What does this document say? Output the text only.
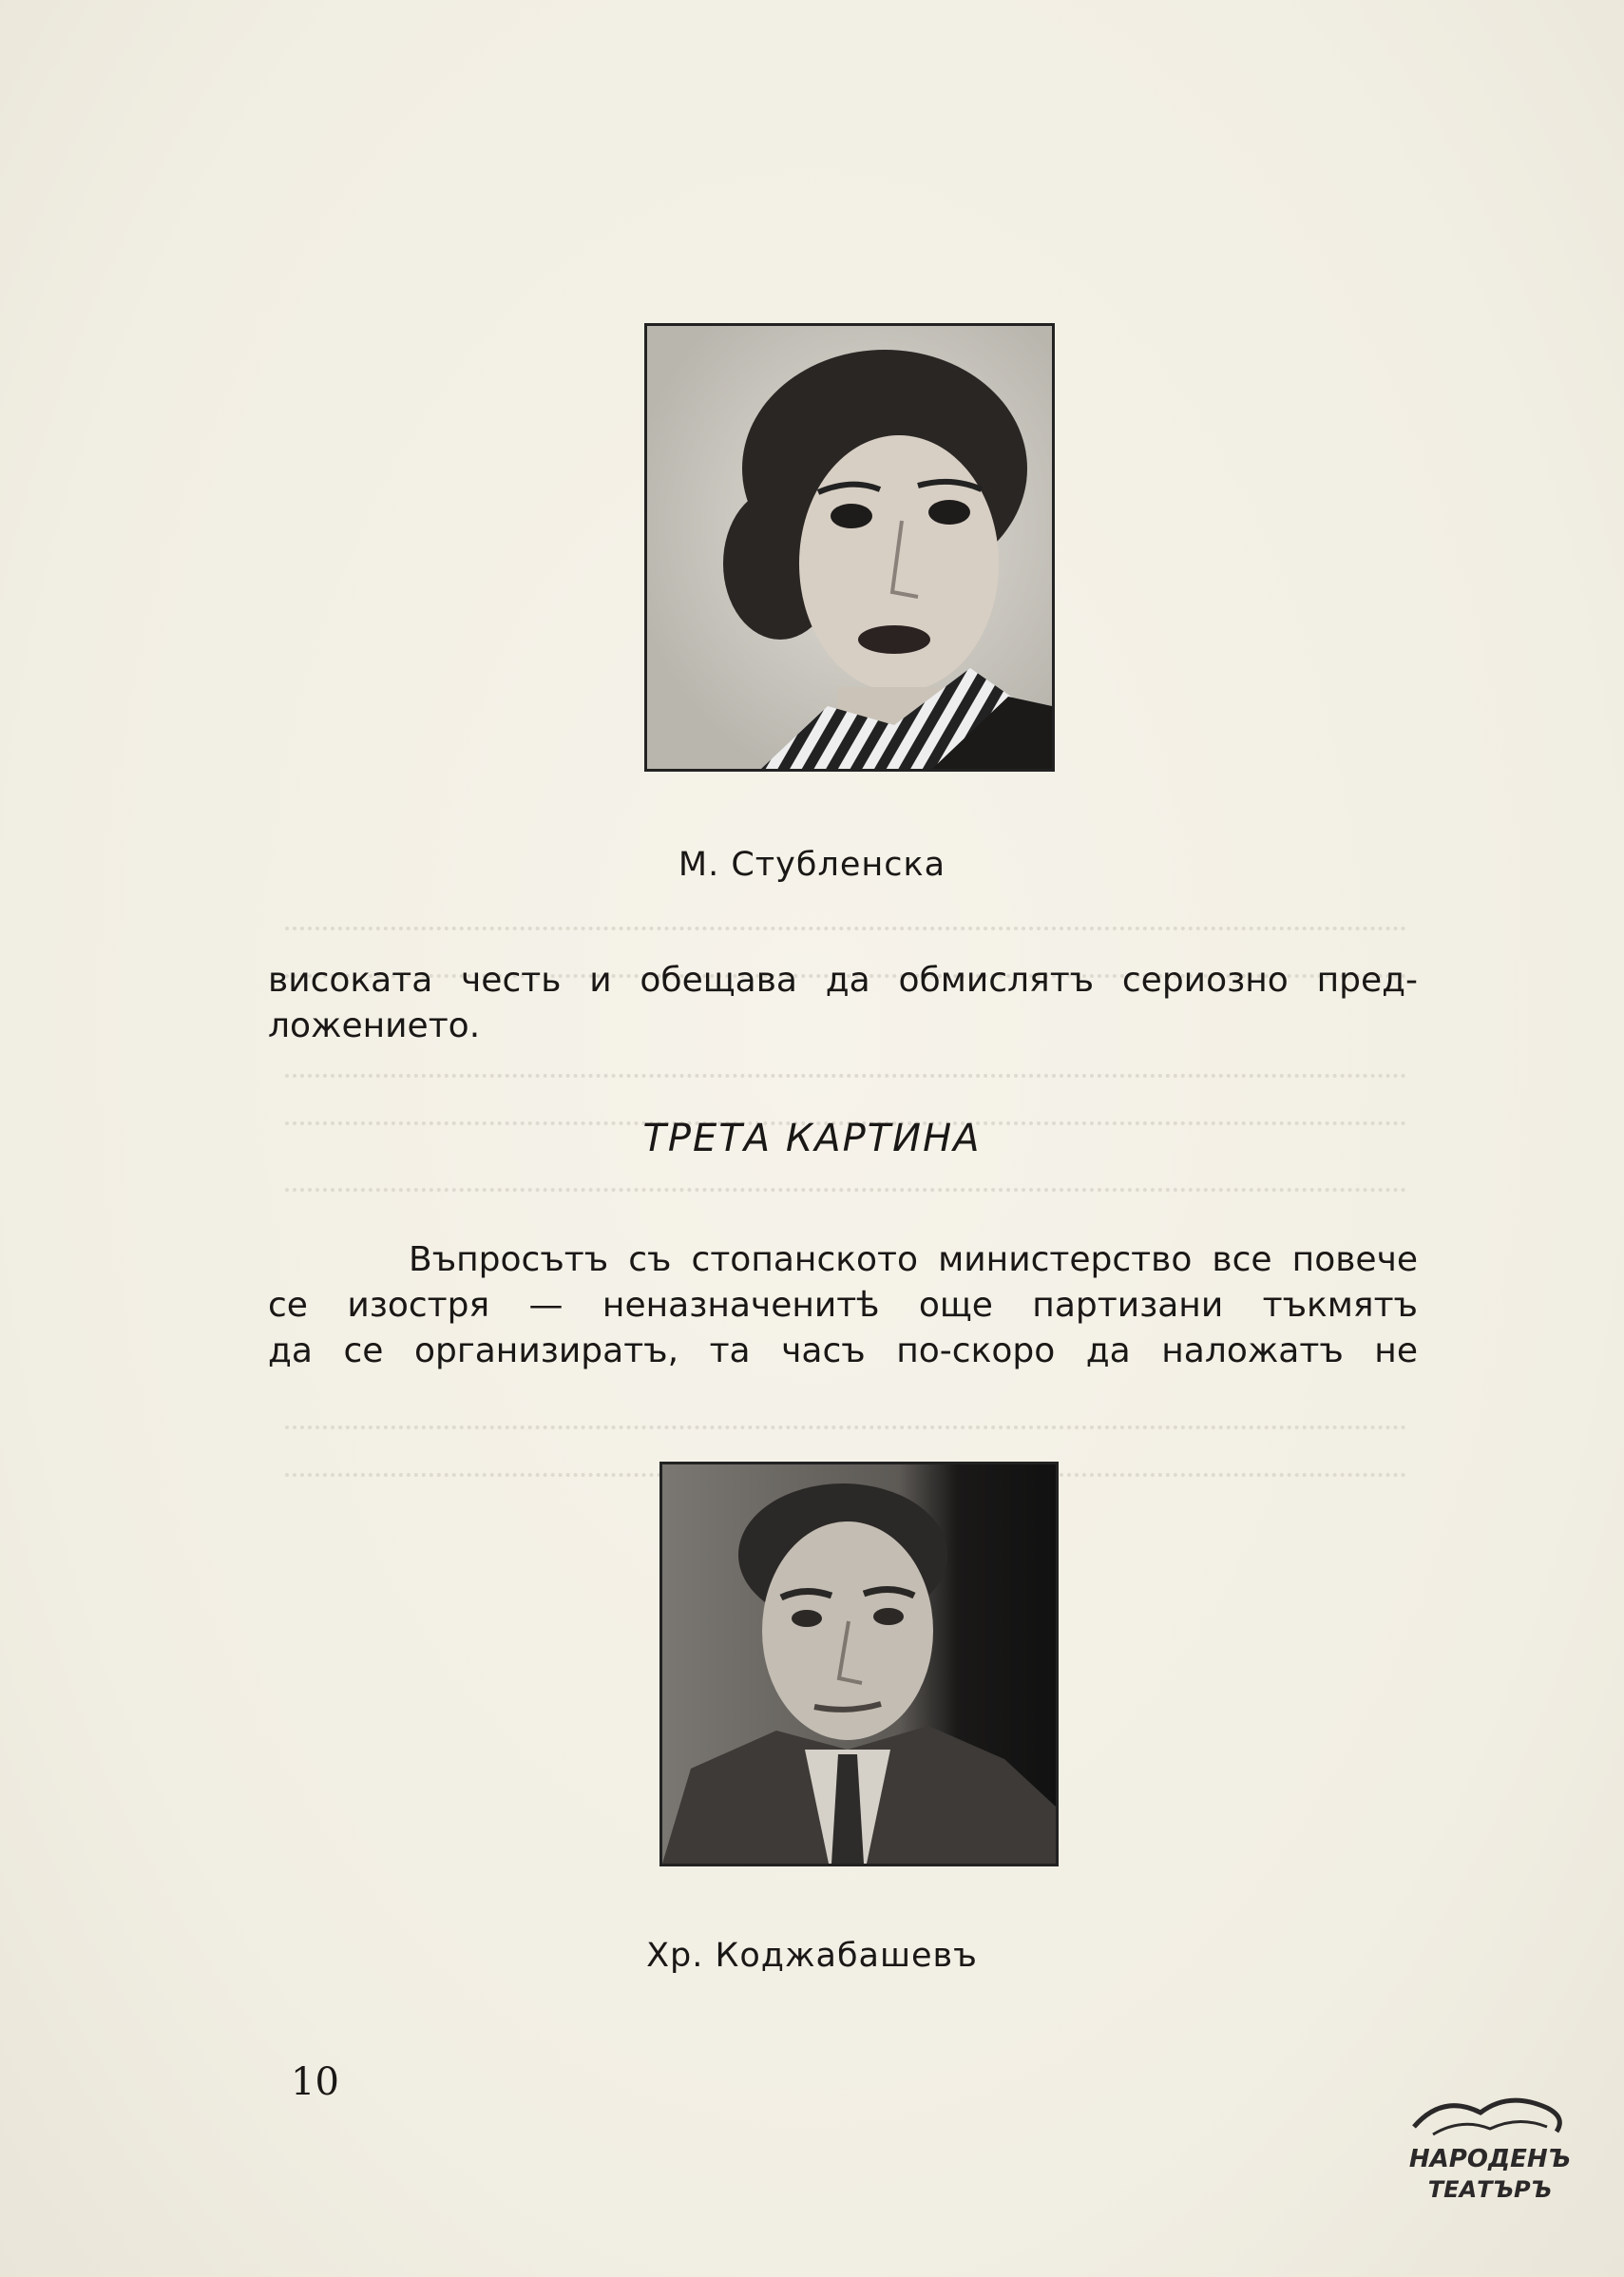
М. Стубленска
високата честь и обещава да обмислятъ сериозно пред-
ложението.
ТРЕТА КАРТИНА
Въпросътъ съ стопанското министерство все повече
се изостря — неназначенитѣ още партизани тъкмятъ
да се организиратъ, та часъ по-скоро да наложатъ не
Хр. Коджабашевъ
10
НАРОДЕНЪ
ТЕАТЪРЪ
